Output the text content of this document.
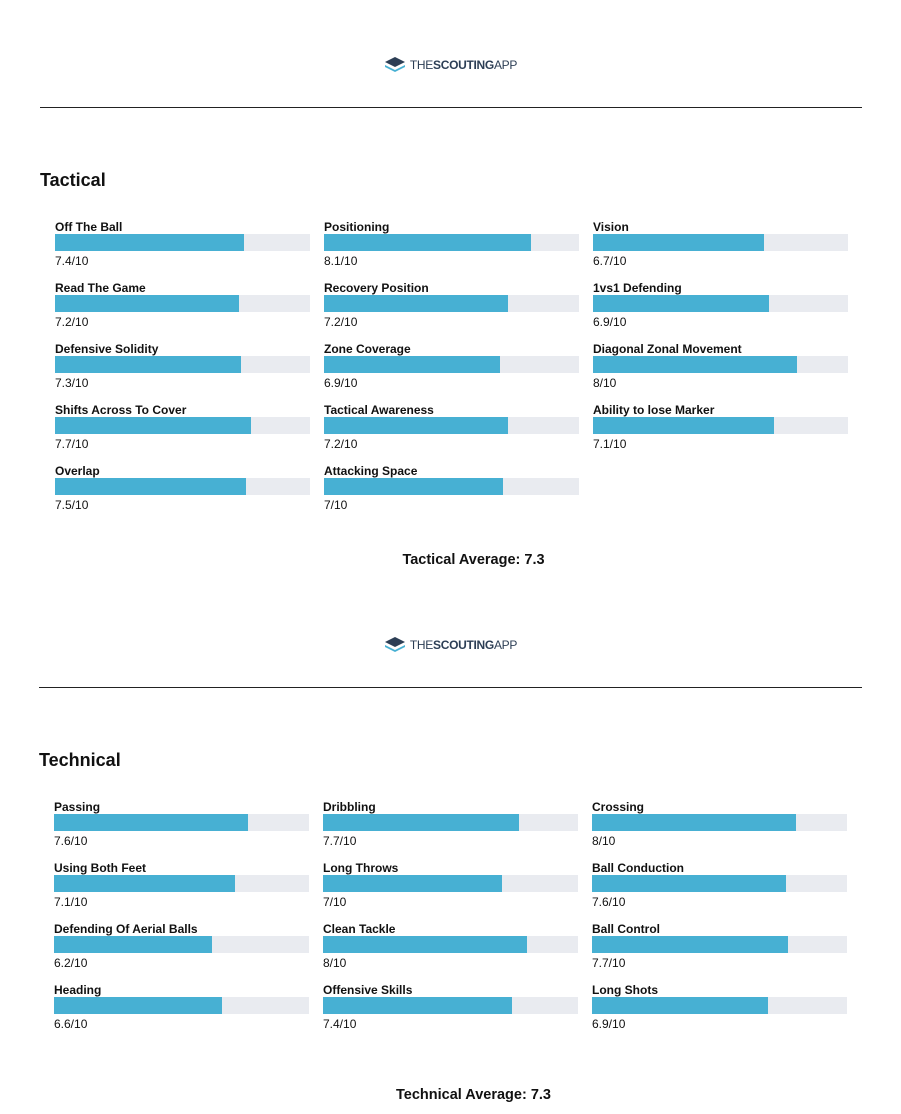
THESCOUTINGAPP
Tactical
Off The Ball
7.4/10
Positioning
8.1/10
Vision
6.7/10
Read The Game
7.2/10
Recovery Position
7.2/10
1vs1 Defending
6.9/10
Defensive Solidity
7.3/10
Zone Coverage
6.9/10
Diagonal Zonal Movement
8/10
Shifts Across To Cover
7.7/10
Tactical Awareness
7.2/10
Ability to lose Marker
7.1/10
Overlap
7.5/10
Attacking Space
7/10
Tactical Average: 7.3
THESCOUTINGAPP
Technical
Passing
7.6/10
Dribbling
7.7/10
Crossing
8/10
Using Both Feet
7.1/10
Long Throws
7/10
Ball Conduction
7.6/10
Defending Of Aerial Balls
6.2/10
Clean Tackle
8/10
Ball Control
7.7/10
Heading
6.6/10
Offensive Skills
7.4/10
Long Shots
6.9/10
Technical Average: 7.3
